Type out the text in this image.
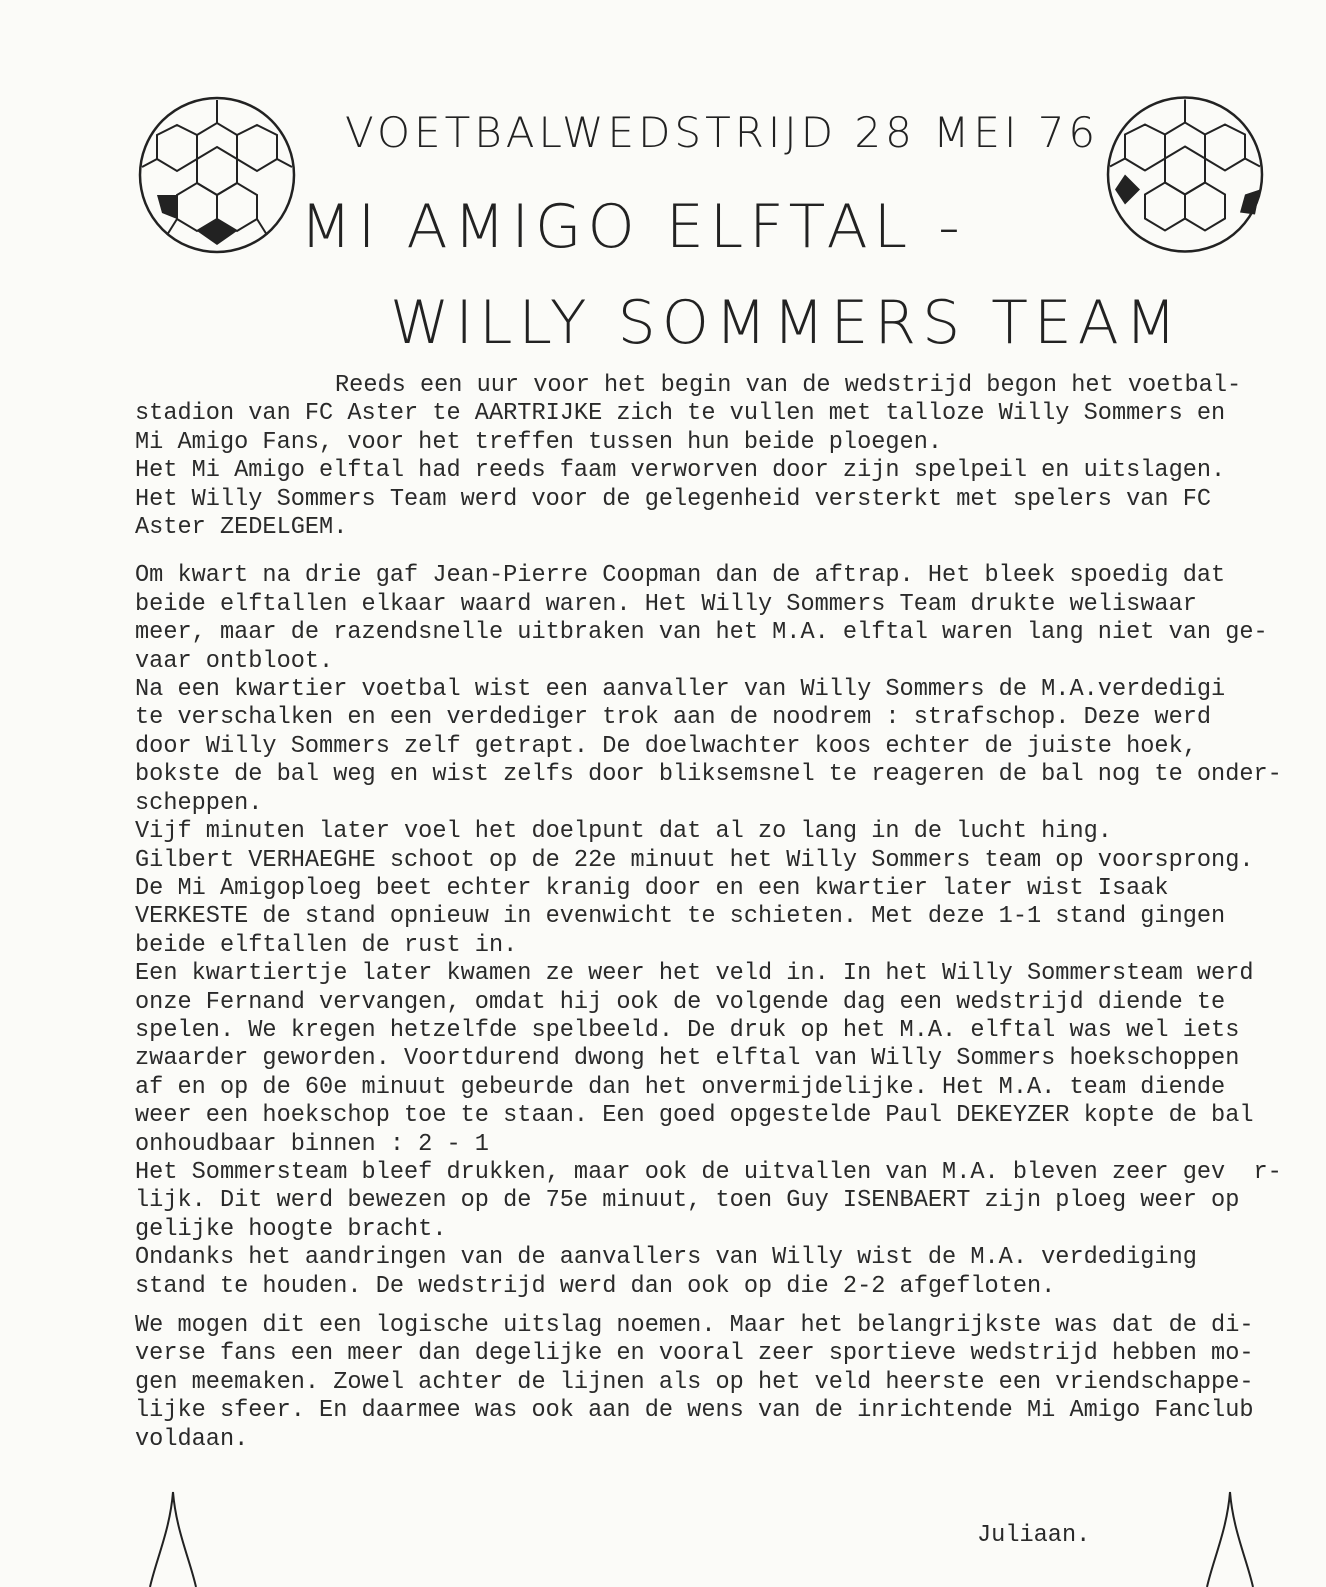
VOETBALWEDSTRIJD 28 MEI 76
MI AMIGO ELFTAL -
WILLY SOMMERS TEAM
Reeds een uur voor het begin van de wedstrijd begon het voetbal-
stadion van FC Aster te AARTRIJKE zich te vullen met talloze Willy Sommers en
Mi Amigo Fans, voor het treffen tussen hun beide ploegen.
Het Mi Amigo elftal had reeds faam verworven door zijn spelpeil en uitslagen.
Het Willy Sommers Team werd voor de gelegenheid versterkt met spelers van FC
Aster ZEDELGEM.
Om kwart na drie gaf Jean-Pierre Coopman dan de aftrap. Het bleek spoedig dat
beide elftallen elkaar waard waren. Het Willy Sommers Team drukte weliswaar
meer, maar de razendsnelle uitbraken van het M.A. elftal waren lang niet van ge-
vaar ontbloot.
Na een kwartier voetbal wist een aanvaller van Willy Sommers de M.A.verdedigi
te verschalken en een verdediger trok aan de noodrem : strafschop. Deze werd
door Willy Sommers zelf getrapt. De doelwachter koos echter de juiste hoek,
bokste de bal weg en wist zelfs door bliksemsnel te reageren de bal nog te onder-
scheppen.
Vijf minuten later voel het doelpunt dat al zo lang in de lucht hing.
Gilbert VERHAEGHE schoot op de 22e minuut het Willy Sommers team op voorsprong.
De Mi Amigoploeg beet echter kranig door en een kwartier later wist Isaak
VERKESTE de stand opnieuw in evenwicht te schieten. Met deze 1-1 stand gingen
beide elftallen de rust in.
Een kwartiertje later kwamen ze weer het veld in. In het Willy Sommersteam werd
onze Fernand vervangen, omdat hij ook de volgende dag een wedstrijd diende te
spelen. We kregen hetzelfde spelbeeld. De druk op het M.A. elftal was wel iets
zwaarder geworden. Voortdurend dwong het elftal van Willy Sommers hoekschoppen
af en op de 60e minuut gebeurde dan het onvermijdelijke. Het M.A. team diende
weer een hoekschop toe te staan. Een goed opgestelde Paul DEKEYZER kopte de bal
onhoudbaar binnen : 2 - 1
Het Sommersteam bleef drukken, maar ook de uitvallen van M.A. bleven zeer gev  r-
lijk. Dit werd bewezen op de 75e minuut, toen Guy ISENBAERT zijn ploeg weer op
gelijke hoogte bracht.
Ondanks het aandringen van de aanvallers van Willy wist de M.A. verdediging
stand te houden. De wedstrijd werd dan ook op die 2-2 afgefloten.
We mogen dit een logische uitslag noemen. Maar het belangrijkste was dat de di-
verse fans een meer dan degelijke en vooral zeer sportieve wedstrijd hebben mo-
gen meemaken. Zowel achter de lijnen als op het veld heerste een vriendschappe-
lijke sfeer. En daarmee was ook aan de wens van de inrichtende Mi Amigo Fanclub
voldaan.
Juliaan.
